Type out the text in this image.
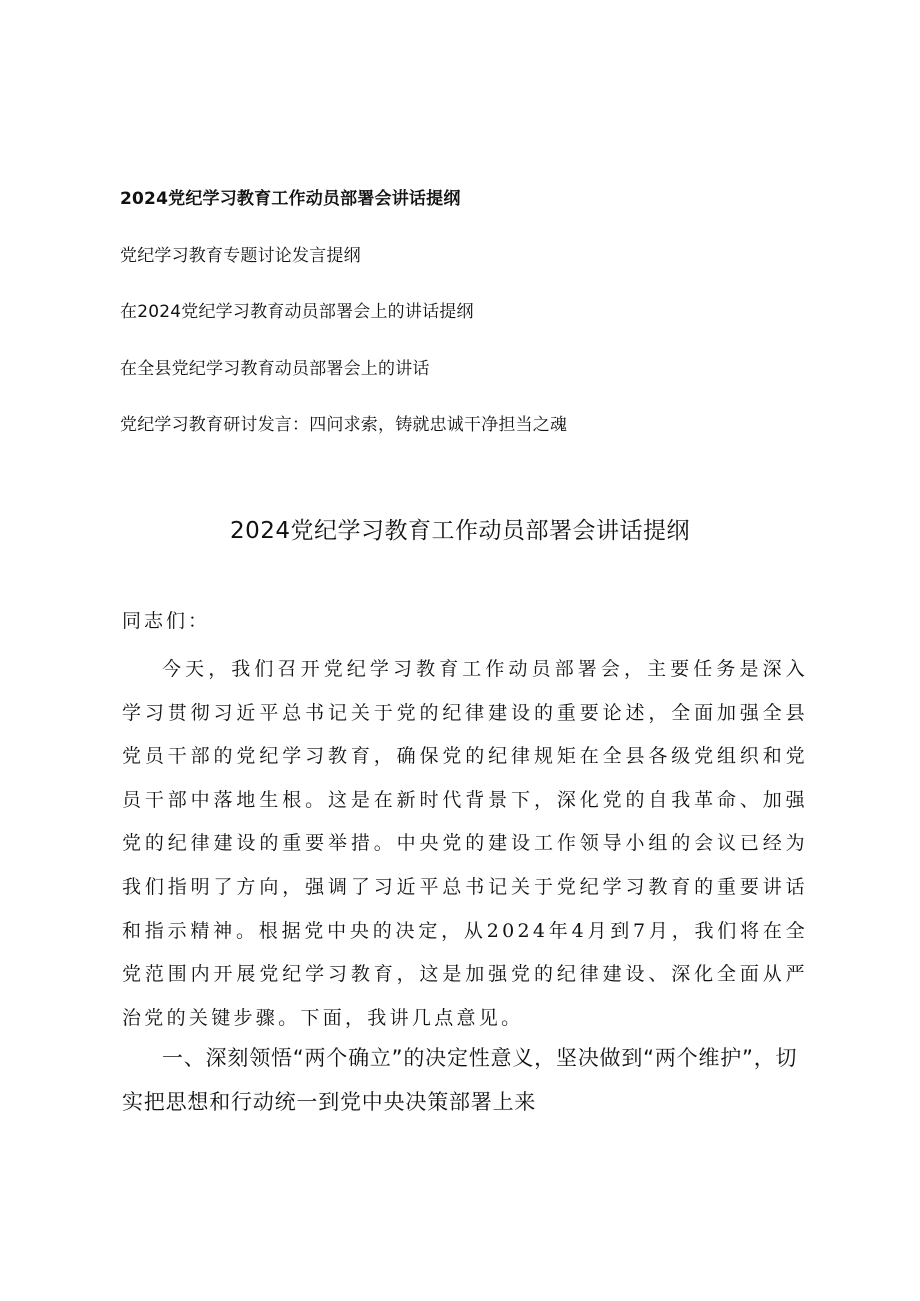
2024党纪学习教育工作动员部署会讲话提纲
党纪学习教育专题讨论发言提纲
在2024党纪学习教育动员部署会上的讲话提纲
在全县党纪学习教育动员部署会上的讲话
党纪学习教育研讨发言：四问求索，铸就忠诚干净担当之魂
2024党纪学习教育工作动员部署会讲话提纲
同志们：
今天，我们召开党纪学习教育工作动员部署会，主要任务是深入学习贯彻习近平总书记关于党的纪律建设的重要论述，全面加强全县党员干部的党纪学习教育，确保党的纪律规矩在全县各级党组织和党员干部中落地生根。这是在新时代背景下，深化党的自我革命、加强党的纪律建设的重要举措。中央党的建设工作领导小组的会议已经为我们指明了方向，强调了习近平总书记关于党纪学习教育的重要讲话和指示精神。根据党中央的决定，从2024年4月到7月，我们将在全党范围内开展党纪学习教育，这是加强党的纪律建设、深化全面从严治党的关键步骤。下面，我讲几点意见。
一、深刻领悟“两个确立”的决定性意义，坚决做到“两个维护”，切实把思想和行动统一到党中央决策部署上来
